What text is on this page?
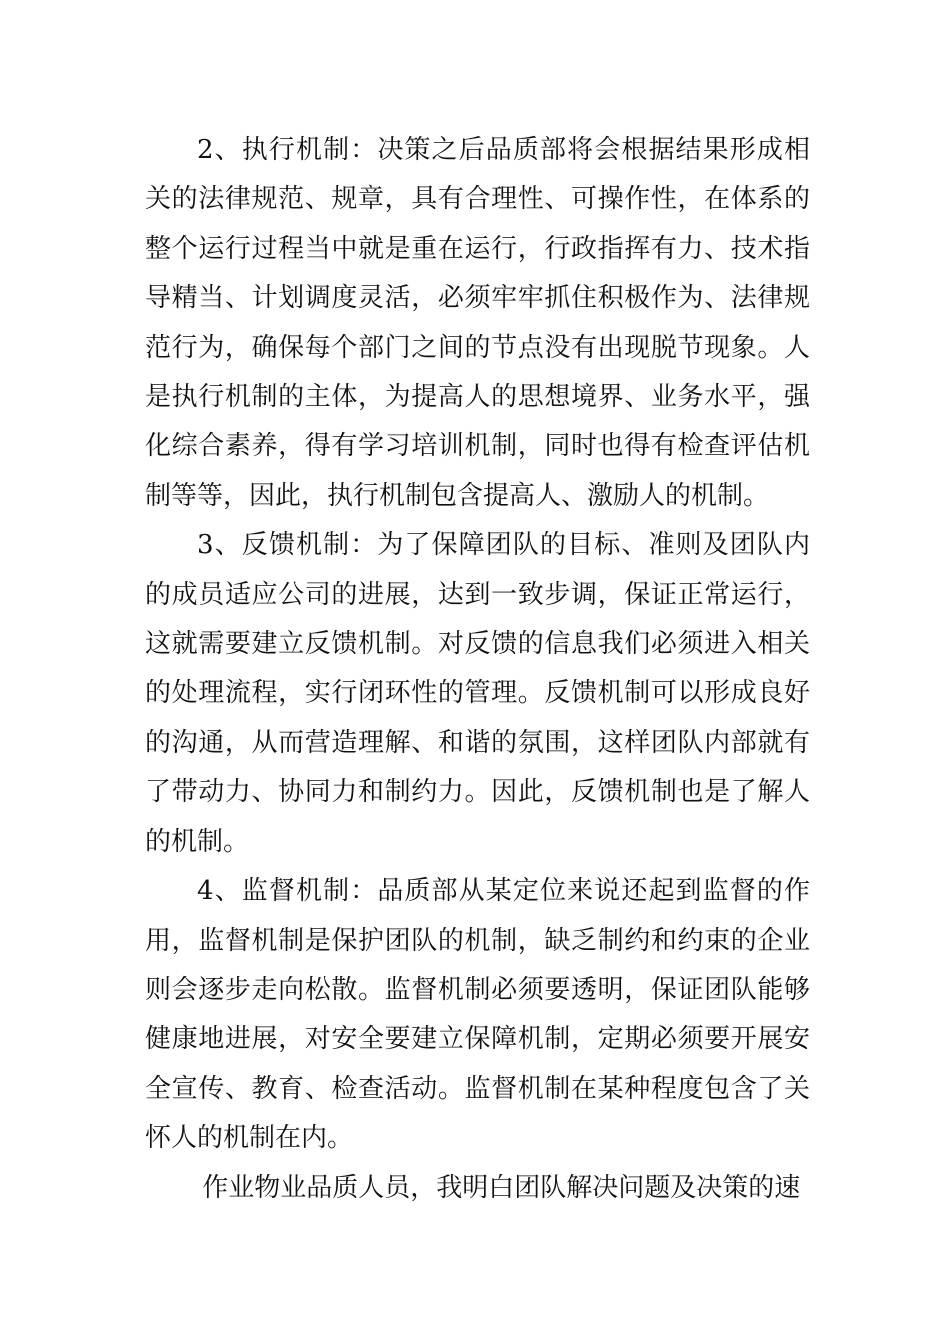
2、执行机制：决策之后品质部将会根据结果形成相关的法律规范、规章，具有合理性、可操作性，在体系的整个运行过程当中就是重在运行，行政指挥有力、技术指导精当、计划调度灵活，必须牢牢抓住积极作为、法律规范行为，确保每个部门之间的节点没有出现脱节现象。人是执行机制的主体，为提高人的思想境界、业务水平，强化综合素养，得有学习培训机制，同时也得有检查评估机制等等，因此，执行机制包含提高人、激励人的机制。

3、反馈机制：为了保障团队的目标、准则及团队内的成员适应公司的进展，达到一致步调，保证正常运行，这就需要建立反馈机制。对反馈的信息我们必须进入相关的处理流程，实行闭环性的管理。反馈机制可以形成良好的沟通，从而营造理解、和谐的氛围，这样团队内部就有了带动力、协同力和制约力。因此，反馈机制也是了解人的机制。

4、监督机制：品质部从某定位来说还起到监督的作用，监督机制是保护团队的机制，缺乏制约和约束的企业则会逐步走向松散。监督机制必须要透明，保证团队能够健康地进展，对安全要建立保障机制，定期必须要开展安全宣传、教育、检查活动。监督机制在某种程度包含了关怀人的机制在内。

作业物业品质人员，我明白团队解决问题及决策的速
